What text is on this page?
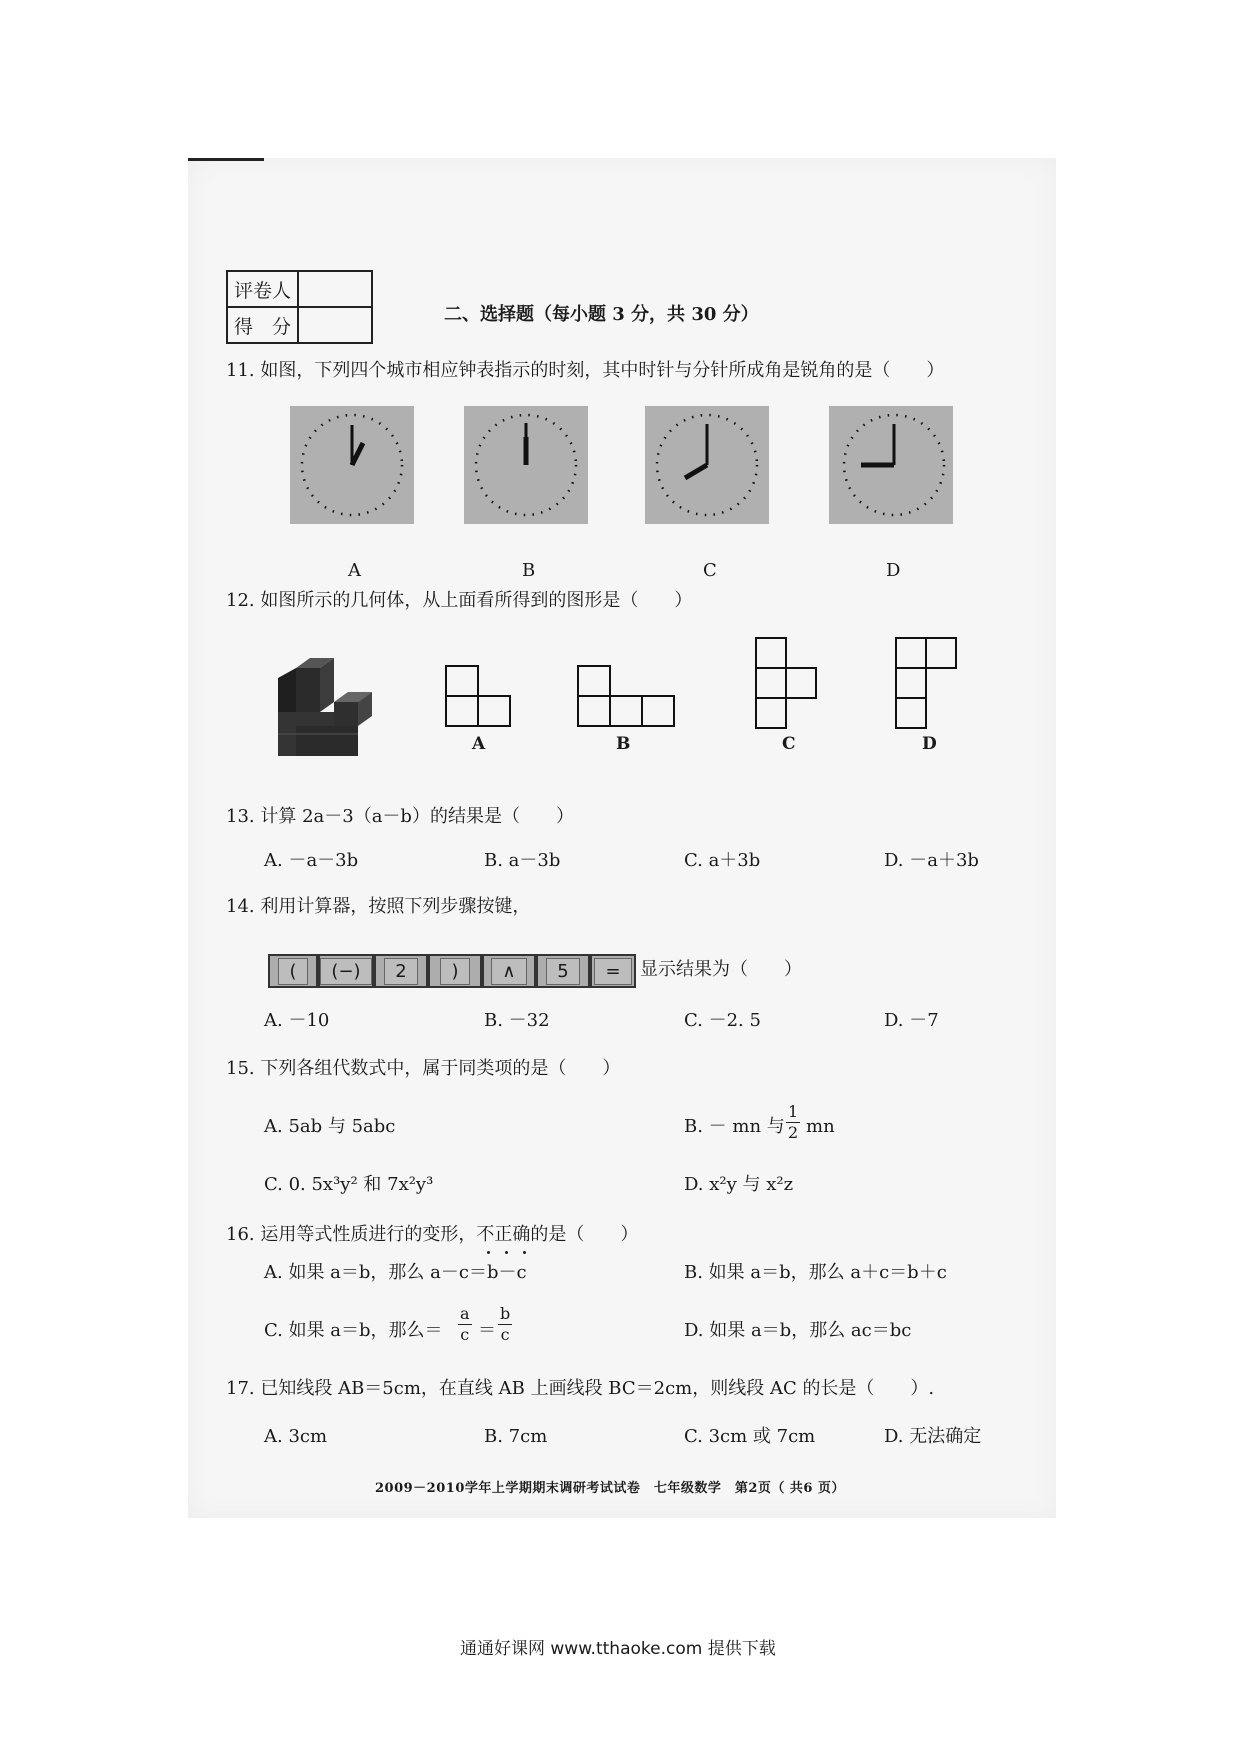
评卷人	
得　分	
二、选择题（每小题 3 分，共 30 分）
11. 如图，下列四个城市相应钟表指示的时刻，其中时针与分针所成角是锐角的是（　　）
A	B	C	D
12. 如图所示的几何体，从上面看所得到的图形是（　　）
A	B	C	D
13. 计算 2a－3（a－b）的结果是（　　）
A. －a－3b	B. a－3b	C. a＋3b	D. －a＋3b
14. 利用计算器，按照下列步骤按键，
(	(−)	2	)	∧	5	=	显示结果为（　　）
A. －10	B. －32	C. －2. 5	D. －7
15. 下列各组代数式中，属于同类项的是（　　）
A. 5ab 与 5abc	B. － mn 与 $\frac{1}{2}$ mn
C. 0. 5x³y² 和 7x²y³	D. x²y 与 x²z
16. 运用等式性质进行的变形，不正确的是（　　）
A. 如果 a＝b，那么 a－c＝b－c	B. 如果 a＝b，那么 a＋c＝b＋c
C. 如果 a＝b，那么＝ $\frac{a}{c} = \frac{b}{c}$	D. 如果 a＝b，那么 ac＝bc
17. 已知线段 AB＝5cm，在直线 AB 上画线段 BC＝2cm，则线段 AC 的长是（　　）.
A. 3cm	B. 7cm	C. 3cm 或 7cm	D. 无法确定
2009－2010学年上学期期末调研考试试卷　七年级数学　第2页（ 共6 页）
通通好课网 www.tthaoke.com 提供下载
